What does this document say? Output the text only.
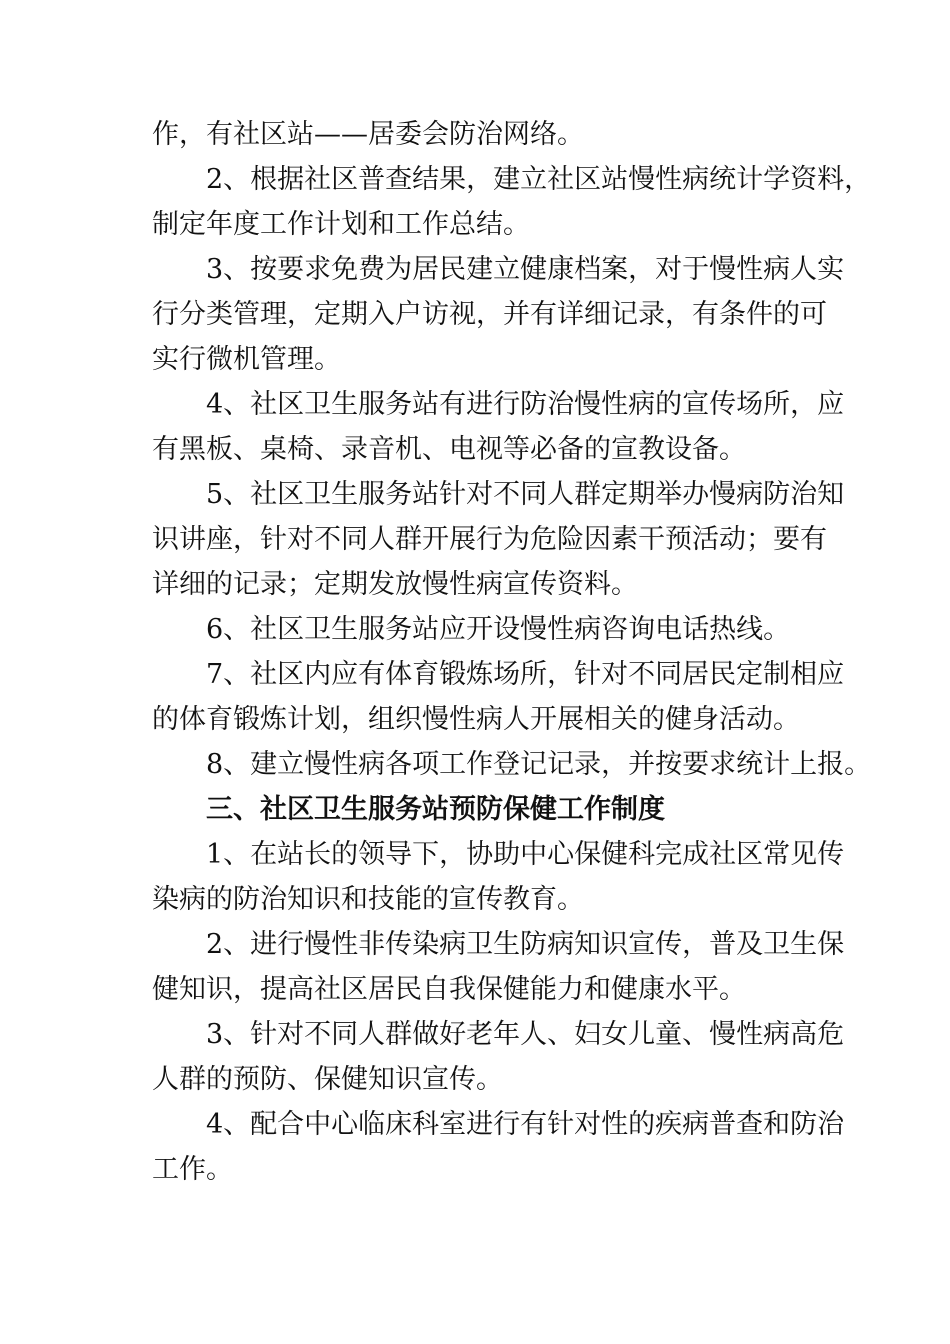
作，有社区站——居委会防治网络。

2、根据社区普查结果，建立社区站慢性病统计学资料，
制定年度工作计划和工作总结。

3、按要求免费为居民建立健康档案，对于慢性病人实
行分类管理，定期入户访视，并有详细记录，有条件的可
实行微机管理。

4、社区卫生服务站有进行防治慢性病的宣传场所，应
有黑板、桌椅、录音机、电视等必备的宣教设备。

5、社区卫生服务站针对不同人群定期举办慢病防治知
识讲座，针对不同人群开展行为危险因素干预活动；要有
详细的记录；定期发放慢性病宣传资料。

6、社区卫生服务站应开设慢性病咨询电话热线。

7、社区内应有体育锻炼场所，针对不同居民定制相应
的体育锻炼计划，组织慢性病人开展相关的健身活动。

8、建立慢性病各项工作登记记录，并按要求统计上报。

三、社区卫生服务站预防保健工作制度

1、在站长的领导下，协助中心保健科完成社区常见传
染病的防治知识和技能的宣传教育。

2、进行慢性非传染病卫生防病知识宣传，普及卫生保
健知识，提高社区居民自我保健能力和健康水平。

3、针对不同人群做好老年人、妇女儿童、慢性病高危
人群的预防、保健知识宣传。

4、配合中心临床科室进行有针对性的疾病普查和防治
工作。
